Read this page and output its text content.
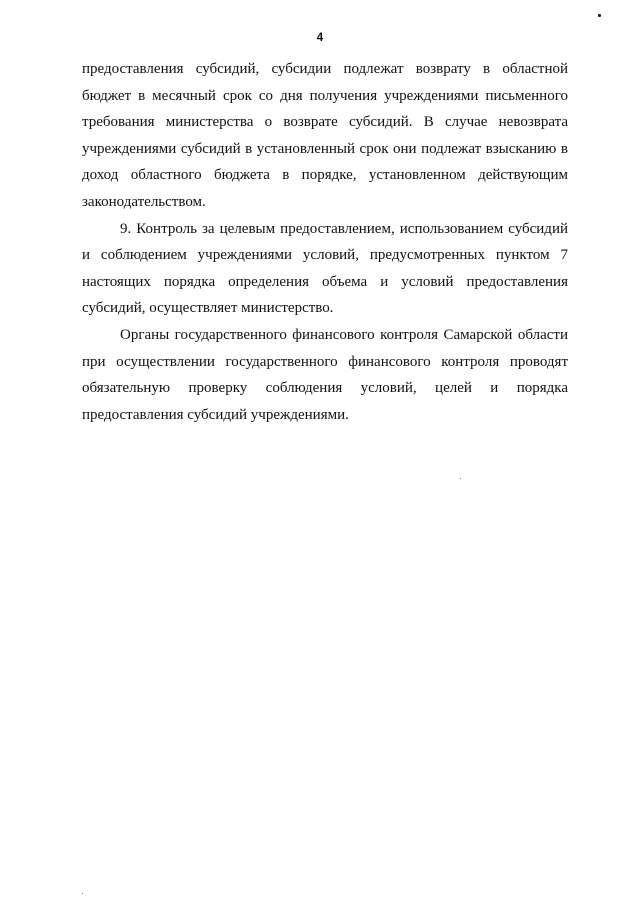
4
предоставления субсидий, субсидии подлежат возврату в областной
бюджет в месячный срок со дня получения учреждениями письменного
требования министерства о возврате субсидий. В случае невозврата
учреждениями субсидий в установленный срок они подлежат взысканию в
доход областного бюджета в порядке, установленном действующим
законодательством.
9. Контроль за целевым предоставлением, использованием субсидий
и соблюдением учреждениями условий, предусмотренных пунктом 7
настоящих порядка определения объема и условий предоставления
субсидий, осуществляет министерство.
Органы государственного финансового контроля Самарской области
при осуществлении государственного финансового контроля проводят
обязательную проверку соблюдения условий, целей и порядка
предоставления субсидий учреждениями.
